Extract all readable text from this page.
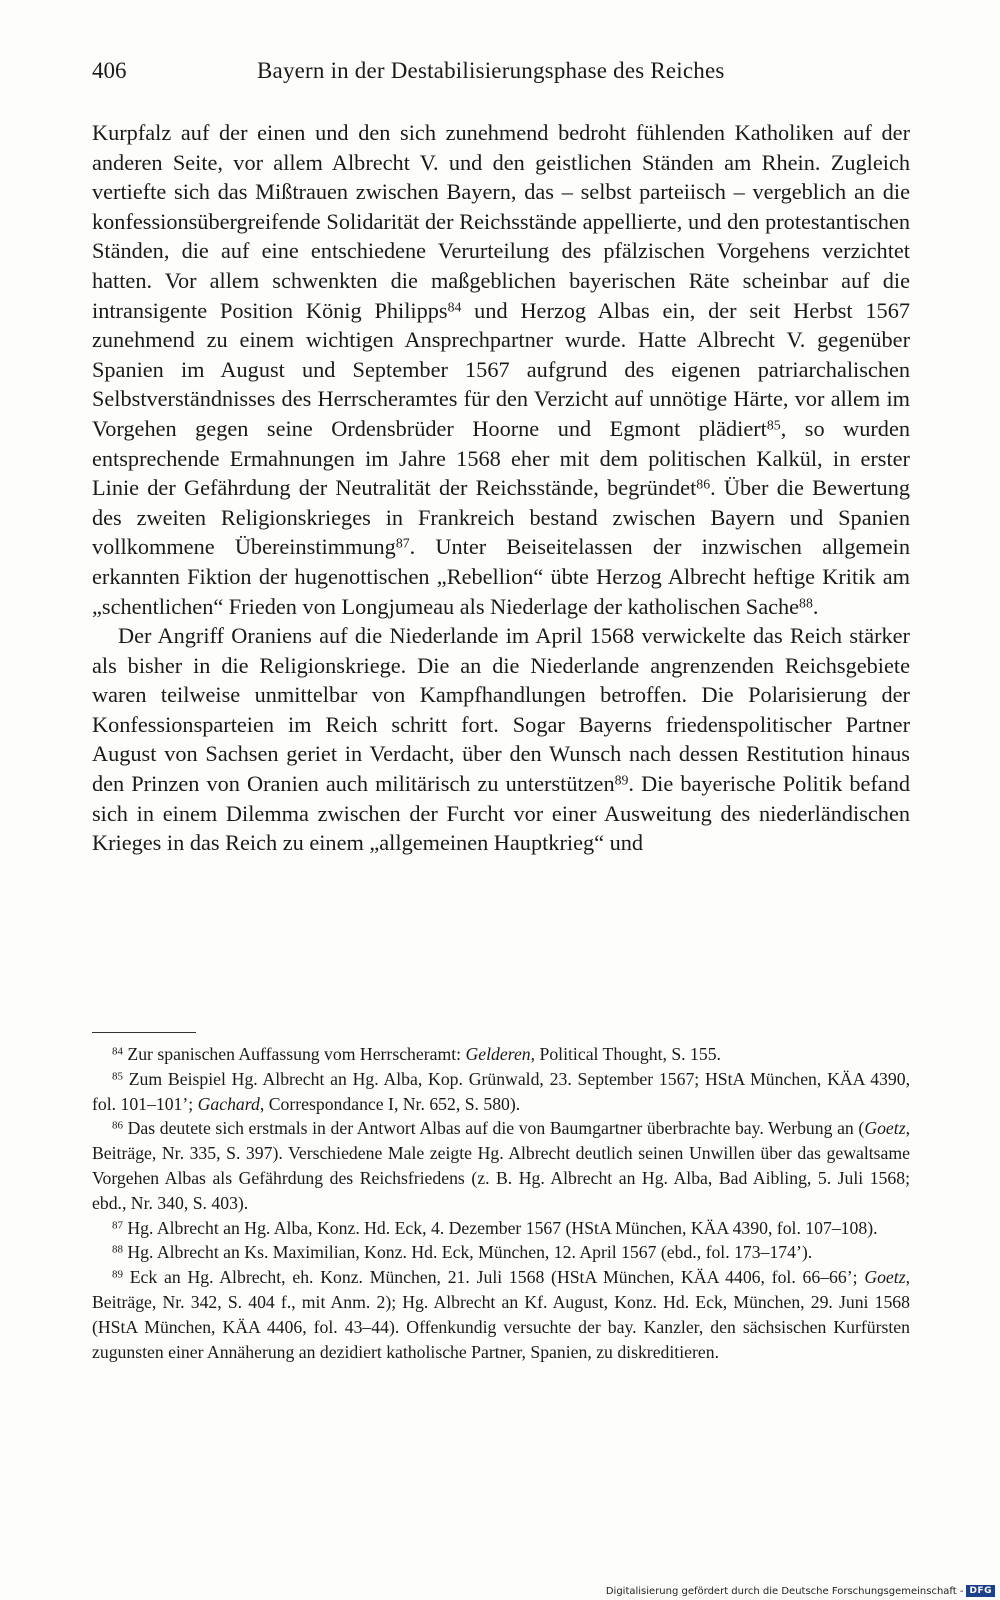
406	Bayern in der Destabilisierungsphase des Reiches

Kurpfalz auf der einen und den sich zunehmend bedroht fühlenden Katholiken auf der anderen Seite, vor allem Albrecht V. und den geistlichen Ständen am Rhein. Zugleich vertiefte sich das Mißtrauen zwischen Bayern, das – selbst parteiisch – vergeblich an die konfessionsübergreifende Solidarität der Reichsstände appellierte, und den protestantischen Ständen, die auf eine entschiedene Verurteilung des pfälzischen Vorgehens verzichtet hatten. Vor allem schwenkten die maßgeblichen bayerischen Räte scheinbar auf die intransigente Position König Philipps$^{84}$ und Herzog Albas ein, der seit Herbst 1567 zunehmend zu einem wichtigen Ansprechpartner wurde. Hatte Albrecht V. gegenüber Spanien im August und September 1567 aufgrund des eigenen patriarchalischen Selbstverständnisses des Herrscheramtes für den Verzicht auf unnötige Härte, vor allem im Vorgehen gegen seine Ordensbrüder Hoorne und Egmont plädiert$^{85}$, so wurden entsprechende Ermahnungen im Jahre 1568 eher mit dem politischen Kalkül, in erster Linie der Gefährdung der Neutralität der Reichsstände, begründet$^{86}$. Über die Bewertung des zweiten Religionskrieges in Frankreich bestand zwischen Bayern und Spanien vollkommene Übereinstimmung$^{87}$. Unter Beiseitelassen der inzwischen allgemein erkannten Fiktion der hugenottischen „Rebellion“ übte Herzog Albrecht heftige Kritik am „schentlichen“ Frieden von Longjumeau als Niederlage der katholischen Sache$^{88}$.

Der Angriff Oraniens auf die Niederlande im April 1568 verwickelte das Reich stärker als bisher in die Religionskriege. Die an die Niederlande angrenzenden Reichsgebiete waren teilweise unmittelbar von Kampfhandlungen betroffen. Die Polarisierung der Konfessionsparteien im Reich schritt fort. Sogar Bayerns friedenspolitischer Partner August von Sachsen geriet in Verdacht, über den Wunsch nach dessen Restitution hinaus den Prinzen von Oranien auch militärisch zu unterstützen$^{89}$. Die bayerische Politik befand sich in einem Dilemma zwischen der Furcht vor einer Ausweitung des niederländischen Krieges in das Reich zu einem „allgemeinen Hauptkrieg“ und

$^{84}$ Zur spanischen Auffassung vom Herrscheramt: Gelderen, Political Thought, S. 155.

$^{85}$ Zum Beispiel Hg. Albrecht an Hg. Alba, Kop. Grünwald, 23. September 1567; HStA München, KÄA 4390, fol. 101–101’; Gachard, Correspondance I, Nr. 652, S. 580).

$^{86}$ Das deutete sich erstmals in der Antwort Albas auf die von Baumgartner überbrachte bay. Werbung an (Goetz, Beiträge, Nr. 335, S. 397). Verschiedene Male zeigte Hg. Albrecht deutlich seinen Unwillen über das gewaltsame Vorgehen Albas als Gefährdung des Reichsfriedens (z. B. Hg. Albrecht an Hg. Alba, Bad Aibling, 5. Juli 1568; ebd., Nr. 340, S. 403).

$^{87}$ Hg. Albrecht an Hg. Alba, Konz. Hd. Eck, 4. Dezember 1567 (HStA München, KÄA 4390, fol. 107–108).

$^{88}$ Hg. Albrecht an Ks. Maximilian, Konz. Hd. Eck, München, 12. April 1567 (ebd., fol. 173–174’).

$^{89}$ Eck an Hg. Albrecht, eh. Konz. München, 21. Juli 1568 (HStA München, KÄA 4406, fol. 66–66’; Goetz, Beiträge, Nr. 342, S. 404 f., mit Anm. 2); Hg. Albrecht an Kf. August, Konz. Hd. Eck, München, 29. Juni 1568 (HStA München, KÄA 4406, fol. 43–44). Offenkundig versuchte der bay. Kanzler, den sächsischen Kurfürsten zugunsten einer Annäherung an dezidiert katholische Partner, Spanien, zu diskreditieren.

Digitalisierung gefördert durch die Deutsche Forschungsgemeinschaft - DFG
